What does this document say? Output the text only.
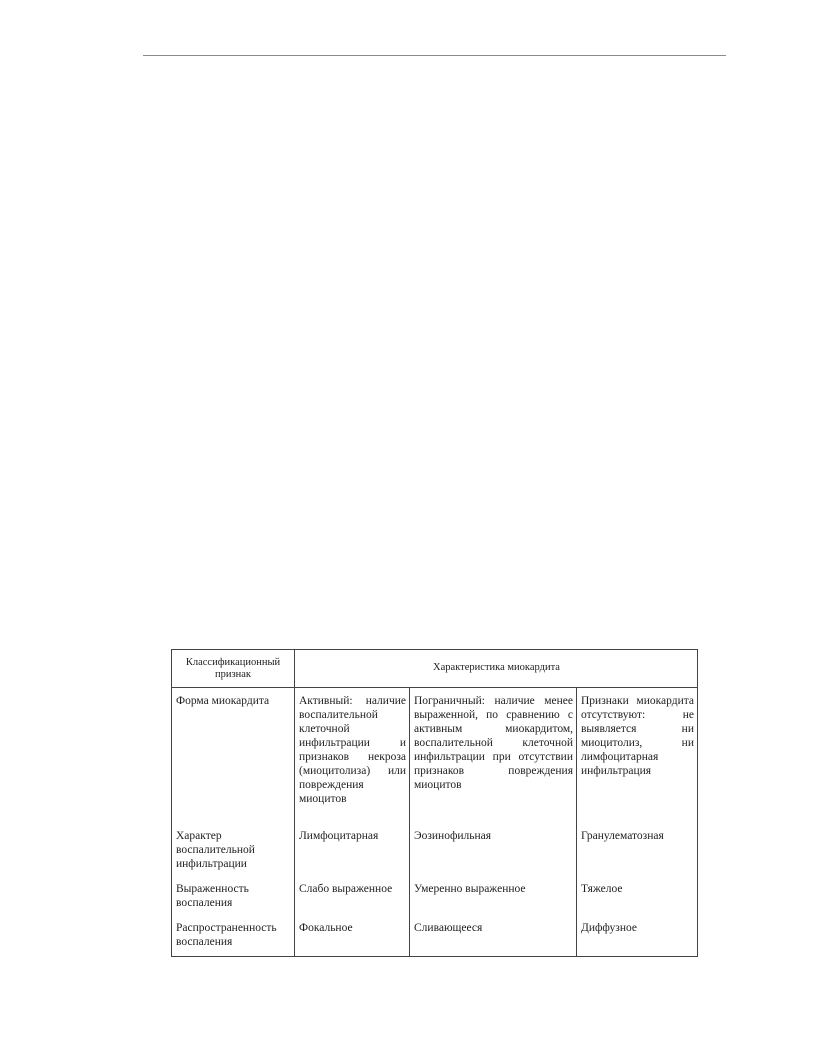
Классификационный признак	Характеристика миокардита		
Форма миокардита	Активный: наличие воспалительной клеточной инфильтрации и признаков некроза (миоцитолиза) или повреждения миоцитов	Пограничный: наличие менее выраженной, по сравнению с активным миокардитом, воспалительной клеточной инфильтрации при отсутствии признаков повреждения миоцитов	Признаки миокардита отсутствуют: не выявляется ни миоцитолиз, ни лимфоцитарная инфильтрация
Характер воспалительной инфильтрации	Лимфоцитарная	Эозинофильная	Гранулематозная
Выраженность воспаления	Слабо выраженное	Умеренно выраженное	Тяжелое
Распространенность воспаления	Фокальное	Сливающееся	Диффузное
